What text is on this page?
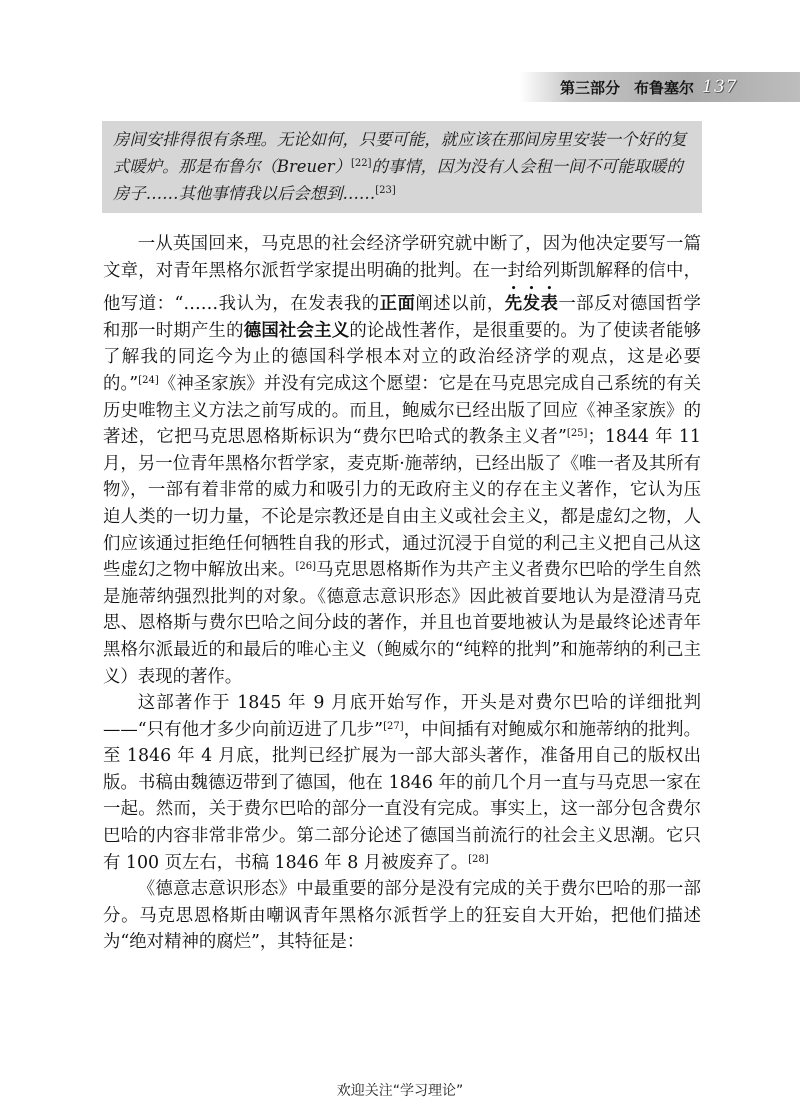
第三部分 布鲁塞尔 137

房间安排得很有条理。无论如何，只要可能，就应该在那间房里安装一个好的复式暖炉。那是布鲁尔（Breuer）[22]的事情，因为没有人会租一间不可能取暖的房子……其他事情我以后会想到……[23]

一从英国回来，马克思的社会经济学研究就中断了，因为他决定要写一篇文章，对青年黑格尔派哲学家提出明确的批判。在一封给列斯凯解释的信中，他写道：“……我认为，在发表我的正面阐述以前，先发表一部反对德国哲学和那一时期产生的德国社会主义的论战性著作，是很重要的。为了使读者能够了解我的同迄今为止的德国科学根本对立的政治经济学的观点，这是必要的。”[24]《神圣家族》并没有完成这个愿望：它是在马克思完成自己系统的有关历史唯物主义方法之前写成的。而且，鲍威尔已经出版了回应《神圣家族》的著述，它把马克思恩格斯标识为“费尔巴哈式的教条主义者”[25]；1844 年 11 月，另一位青年黑格尔哲学家，麦克斯·施蒂纳，已经出版了《唯一者及其所有物》，一部有着非常的威力和吸引力的无政府主义的存在主义著作，它认为压迫人类的一切力量，不论是宗教还是自由主义或社会主义，都是虚幻之物，人们应该通过拒绝任何牺牲自我的形式，通过沉浸于自觉的利己主义把自己从这些虚幻之物中解放出来。[26]马克思恩格斯作为共产主义者费尔巴哈的学生自然是施蒂纳强烈批判的对象。《德意志意识形态》因此被首要地认为是澄清马克思、恩格斯与费尔巴哈之间分歧的著作，并且也首要地被认为是最终论述青年黑格尔派最近的和最后的唯心主义（鲍威尔的“纯粹的批判”和施蒂纳的利己主义）表现的著作。

这部著作于 1845 年 9 月底开始写作，开头是对费尔巴哈的详细批判——“只有他才多少向前迈进了几步”[27]，中间插有对鲍威尔和施蒂纳的批判。至 1846 年 4 月底，批判已经扩展为一部大部头著作，准备用自己的版权出版。书稿由魏德迈带到了德国，他在 1846 年的前几个月一直与马克思一家在一起。然而，关于费尔巴哈的部分一直没有完成。事实上，这一部分包含费尔巴哈的内容非常非常少。第二部分论述了德国当前流行的社会主义思潮。它只有 100 页左右，书稿 1846 年 8 月被废弃了。[28]

《德意志意识形态》中最重要的部分是没有完成的关于费尔巴哈的那一部分。马克思恩格斯由嘲讽青年黑格尔派哲学上的狂妄自大开始，把他们描述为“绝对精神的腐烂”，其特征是：

欢迎关注“学习理论”
